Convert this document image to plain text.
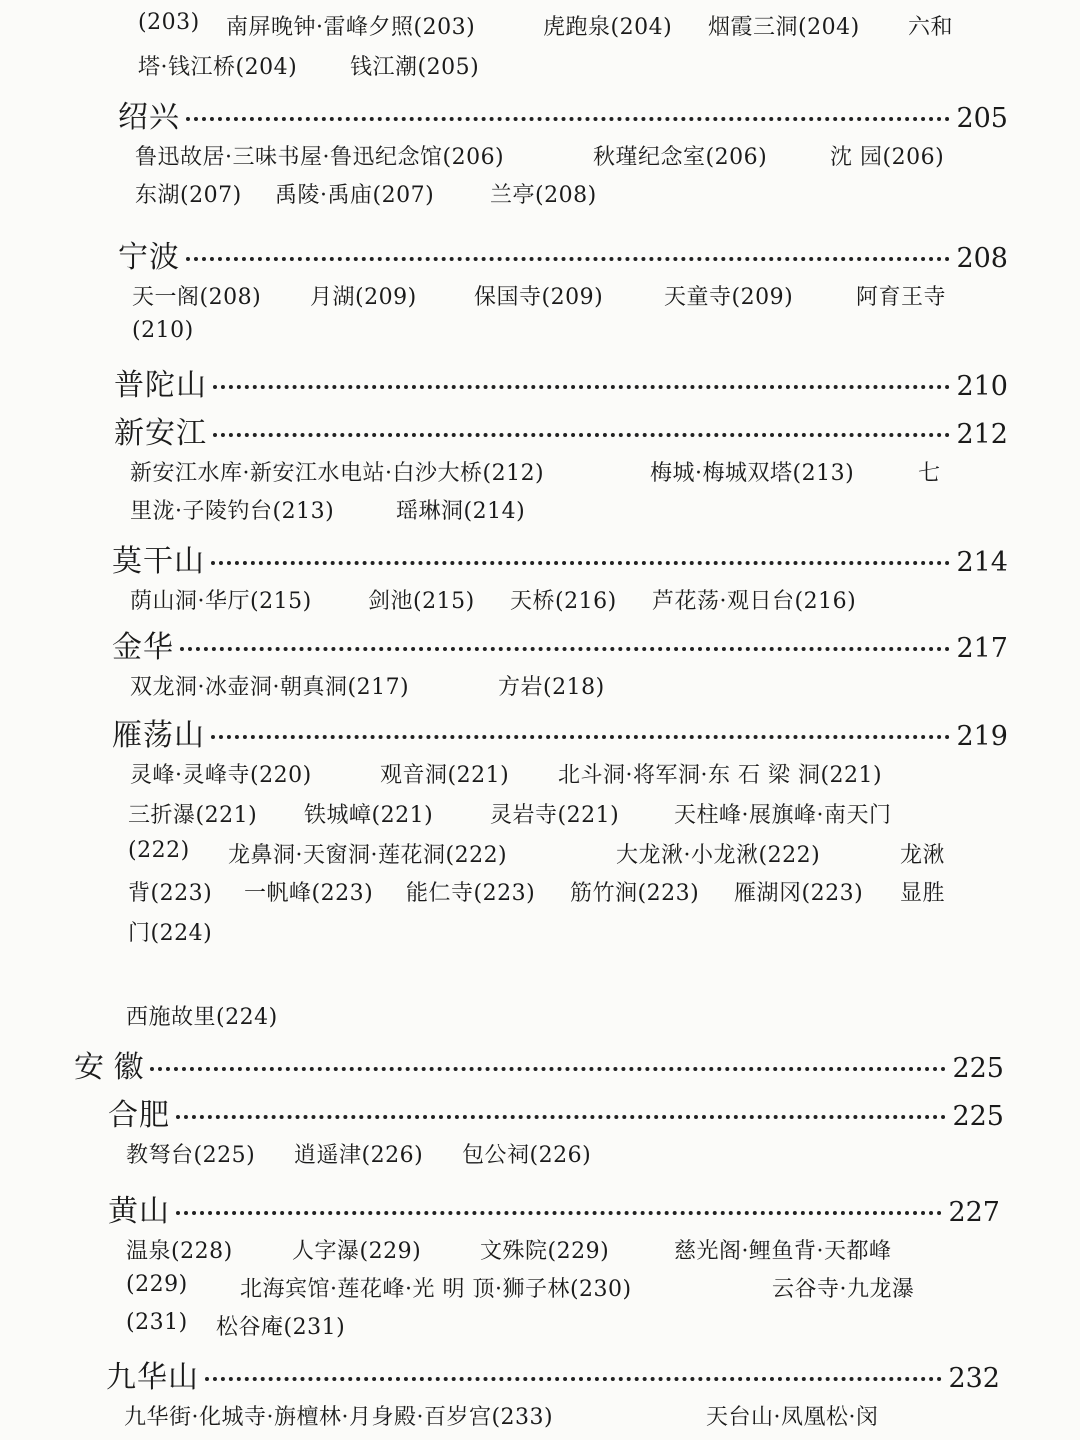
(203) 南屏晚钟·雷峰夕照(203)	虎跑泉(204) 烟霞三洞(204) 六和
塔·钱江桥(204) 钱江潮(205)
绍兴	205
鲁迅故居·三味书屋·鲁迅纪念馆(206)	秋瑾纪念室(206)	沈 园(206)
东湖(207) 禹陵·禹庙(207)	兰亭(208)
宁波	208
天一阁(208) 月湖(209)	保国寺(209)	天童寺(209)	阿育王寺
(210)
普陀山	210
新安江	212
新安江水库·新安江水电站·白沙大桥(212)	梅城·梅城双塔(213)	七
里泷·子陵钓台(213)	瑶琳洞(214)
莫干山	214
荫山洞·华厅(215)	剑池(215) 天桥(216) 芦花荡·观日台(216)
金华	217
双龙洞·冰壶洞·朝真洞(217)	方岩(218)
雁荡山	219
灵峰·灵峰寺(220)	观音洞(221) 北斗洞·将军洞·东 石 梁 洞(221)
三折瀑(221) 铁城嶂(221)	灵岩寺(221) 天柱峰·展旗峰·南天门
(222) 龙鼻洞·天窗洞·莲花洞(222)	大龙湫·小龙湫(222)	龙湫
背(223) 一帆峰(223) 能仁寺(223) 筋竹涧(223) 雁湖冈(223) 显胜
门(224)
西施故里(224)
安 徽	225
合肥	225
教弩台(225) 逍遥津(226) 包公祠(226)
黄山	227
温泉(228)	人字瀑(229)	文殊院(229)	慈光阁·鲤鱼背·天都峰
(229) 北海宾馆·莲花峰·光 明 顶·狮子林(230)	云谷寺·九龙瀑
(231) 松谷庵(231)
九华山	232
九华街·化城寺·旃檀林·月身殿·百岁宫(233)	天台山·凤凰松·闵
